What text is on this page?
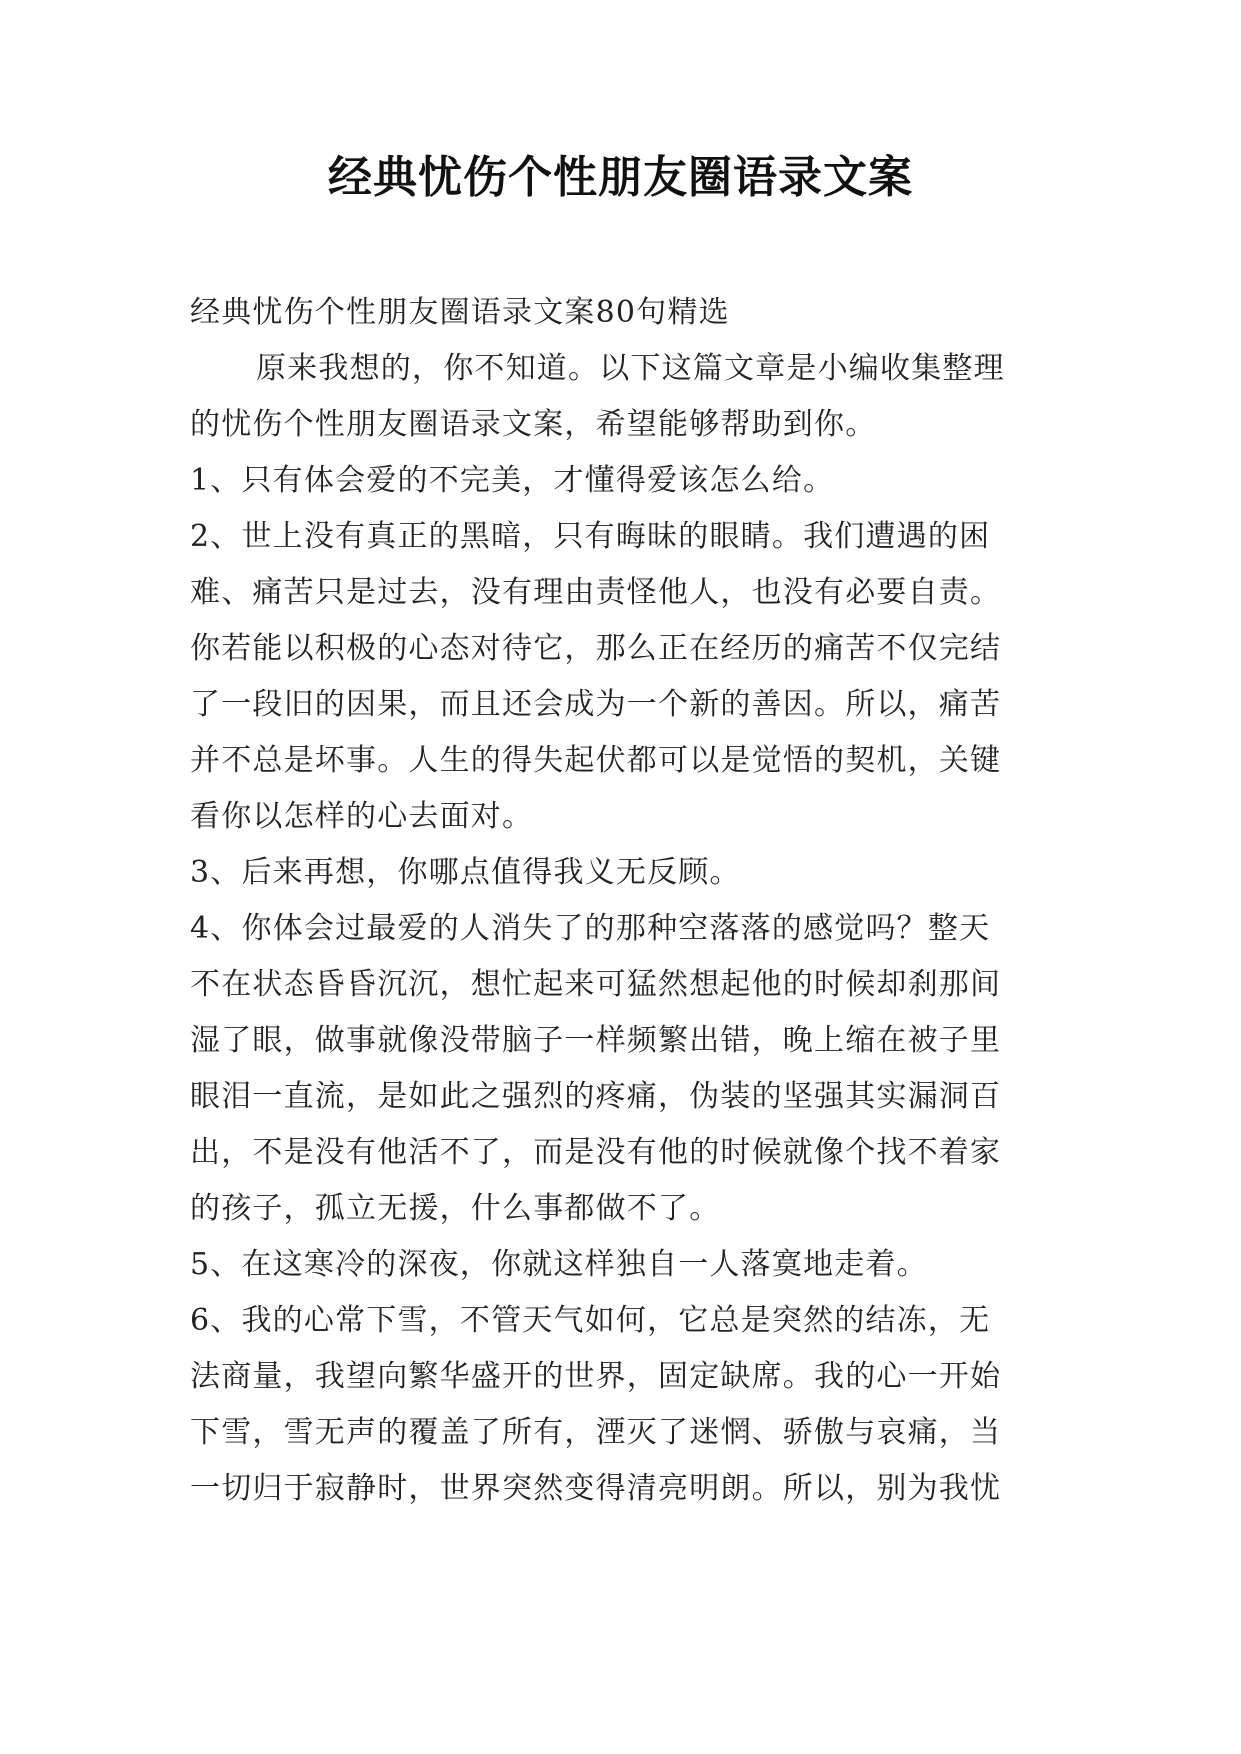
经典忧伤个性朋友圈语录文案
经典忧伤个性朋友圈语录文案80句精选
原来我想的，你不知道。以下这篇文章是小编收集整理
的忧伤个性朋友圈语录文案，希望能够帮助到你。
1、只有体会爱的不完美，才懂得爱该怎么给。
2、世上没有真正的黑暗，只有晦昧的眼睛。我们遭遇的困
难、痛苦只是过去，没有理由责怪他人，也没有必要自责。
你若能以积极的心态对待它，那么正在经历的痛苦不仅完结
了一段旧的因果，而且还会成为一个新的善因。所以，痛苦
并不总是坏事。人生的得失起伏都可以是觉悟的契机，关键
看你以怎样的心去面对。
3、后来再想，你哪点值得我义无反顾。
4、你体会过最爱的人消失了的那种空落落的感觉吗？整天
不在状态昏昏沉沉，想忙起来可猛然想起他的时候却刹那间
湿了眼，做事就像没带脑子一样频繁出错，晚上缩在被子里
眼泪一直流，是如此之强烈的疼痛，伪装的坚强其实漏洞百
出，不是没有他活不了，而是没有他的时候就像个找不着家
的孩子，孤立无援，什么事都做不了。
5、在这寒冷的深夜，你就这样独自一人落寞地走着。
6、我的心常下雪，不管天气如何，它总是突然的结冻，无
法商量，我望向繁华盛开的世界，固定缺席。我的心一开始
下雪，雪无声的覆盖了所有，湮灭了迷惘、骄傲与哀痛，当
一切归于寂静时，世界突然变得清亮明朗。所以，别为我忧
